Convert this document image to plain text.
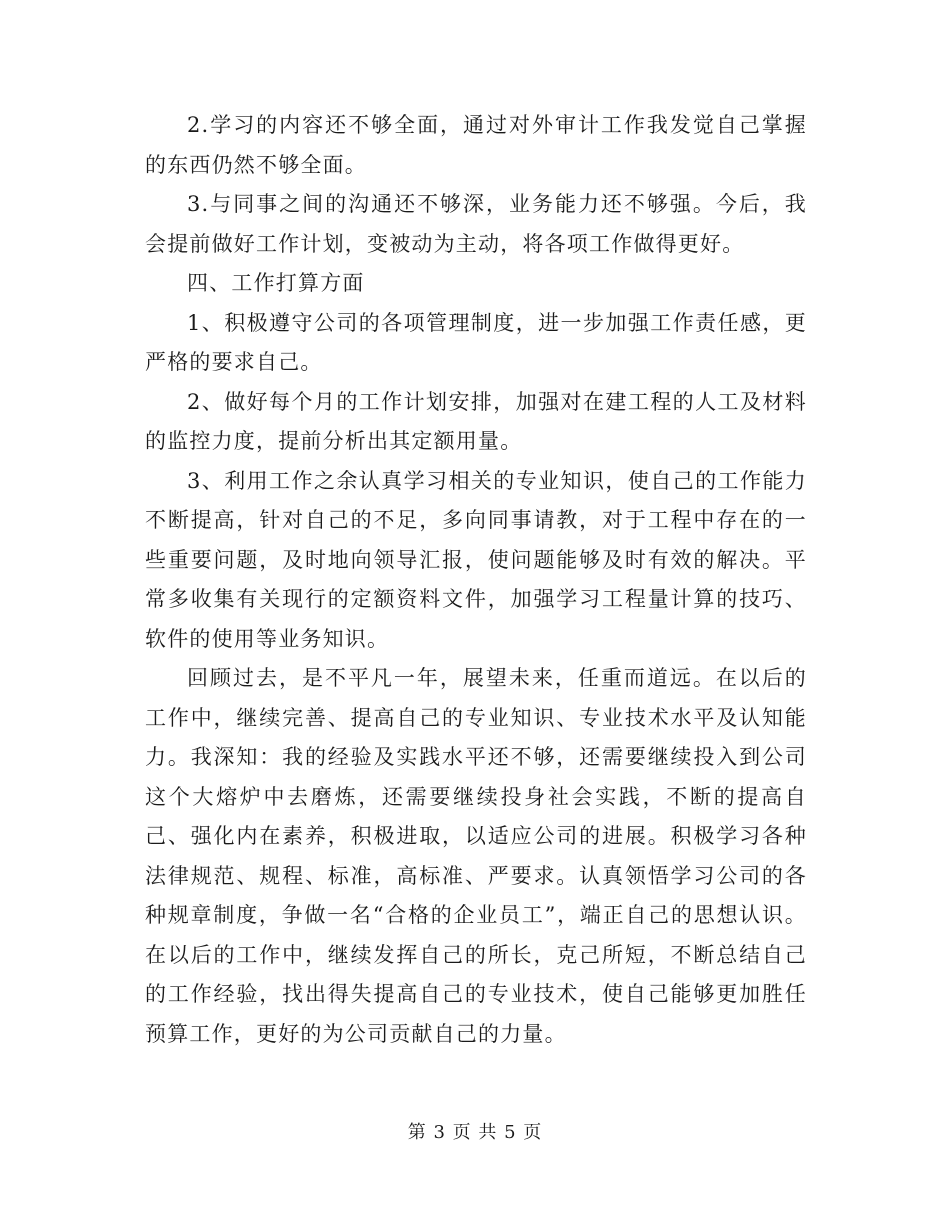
2.学习的内容还不够全面，通过对外审计工作我发觉自己掌握的东西仍然不够全面。

3.与同事之间的沟通还不够深，业务能力还不够强。今后，我会提前做好工作计划，变被动为主动，将各项工作做得更好。

四、工作打算方面

1、积极遵守公司的各项管理制度，进一步加强工作责任感，更严格的要求自己。

2、做好每个月的工作计划安排，加强对在建工程的人工及材料的监控力度，提前分析出其定额用量。

3、利用工作之余认真学习相关的专业知识，使自己的工作能力不断提高，针对自己的不足，多向同事请教，对于工程中存在的一些重要问题，及时地向领导汇报，使问题能够及时有效的解决。平常多收集有关现行的定额资料文件，加强学习工程量计算的技巧、软件的使用等业务知识。

回顾过去，是不平凡一年，展望未来，任重而道远。在以后的工作中，继续完善、提高自己的专业知识、专业技术水平及认知能力。我深知：我的经验及实践水平还不够，还需要继续投入到公司这个大熔炉中去磨炼，还需要继续投身社会实践，不断的提高自己、强化内在素养，积极进取，以适应公司的进展。积极学习各种法律规范、规程、标准，高标准、严要求。认真领悟学习公司的各种规章制度，争做一名“合格的企业员工”，端正自己的思想认识。在以后的工作中，继续发挥自己的所长，克己所短，不断总结自己的工作经验，找出得失提高自己的专业技术，使自己能够更加胜任预算工作，更好的为公司贡献自己的力量。

第 3 页 共 5 页
